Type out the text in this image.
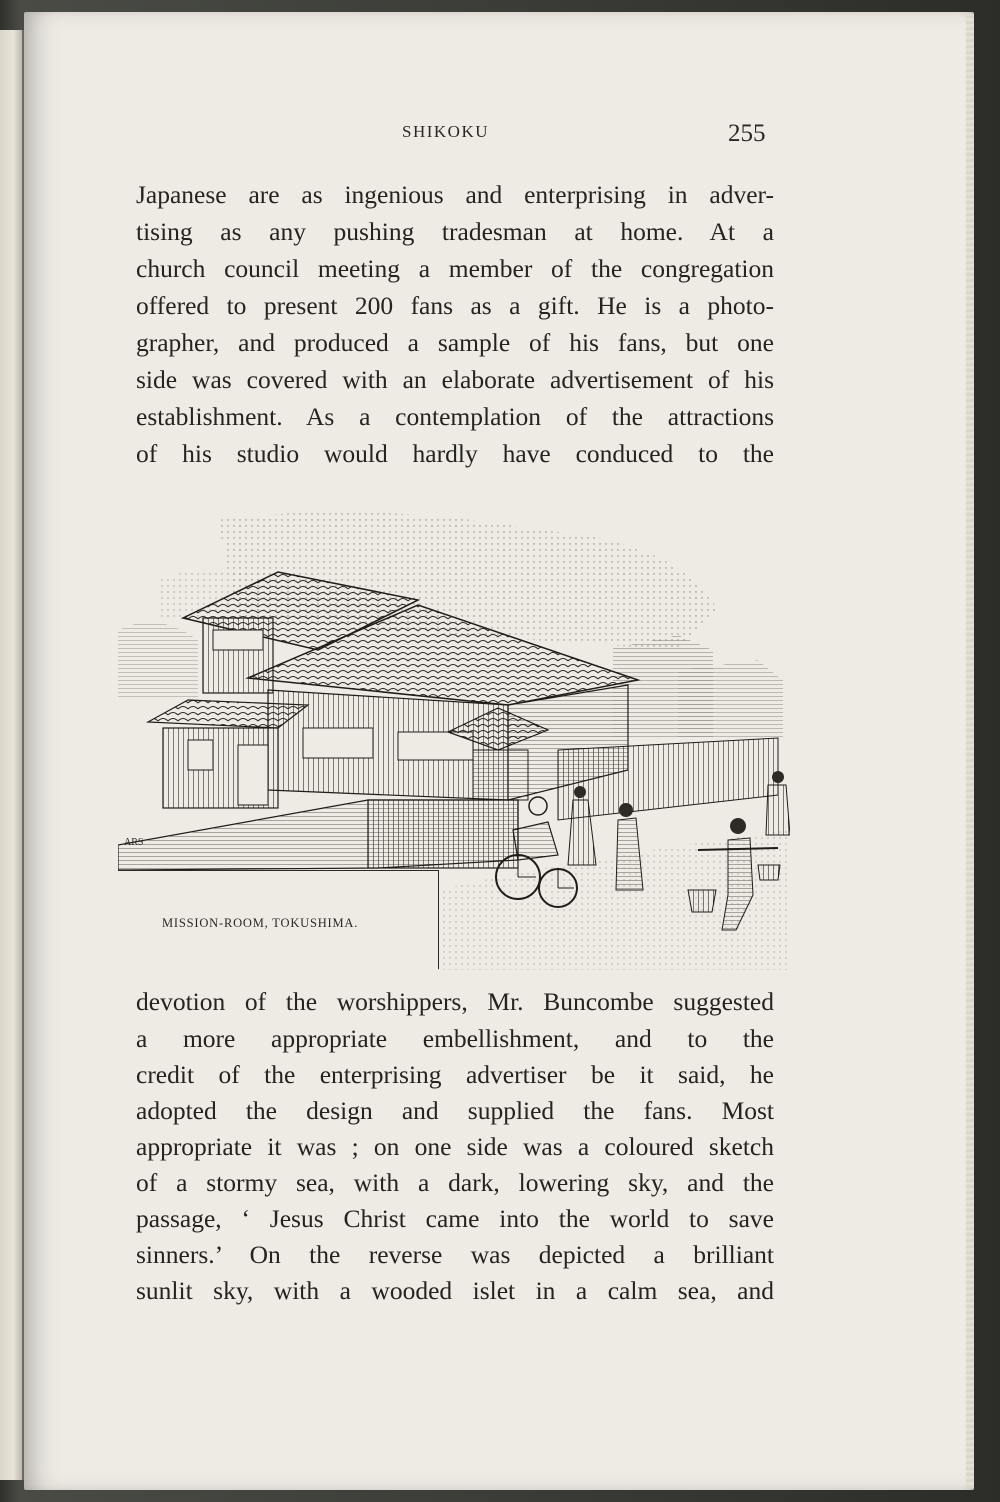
SHIKOKU	255
Japanese are as ingenious and enterprising in adver-
tising as any pushing tradesman at home. At a
church council meeting a member of the congregation
offered to present 200 fans as a gift. He is a photo-
grapher, and produced a sample of his fans, but one
side was covered with an elaborate advertisement of his
establishment. As a contemplation of the attractions
of his studio would hardly have conduced to the
ARS
MISSION-ROOM, TOKUSHIMA.
devotion of the worshippers, Mr. Buncombe suggested
a more appropriate embellishment, and to the
credit of the enterprising advertiser be it said, he
adopted the design and supplied the fans. Most
appropriate it was ; on one side was a coloured sketch
of a stormy sea, with a dark, lowering sky, and the
passage, ‘ Jesus Christ came into the world to save
sinners.’ On the reverse was depicted a brilliant
sunlit sky, with a wooded islet in a calm sea, and
